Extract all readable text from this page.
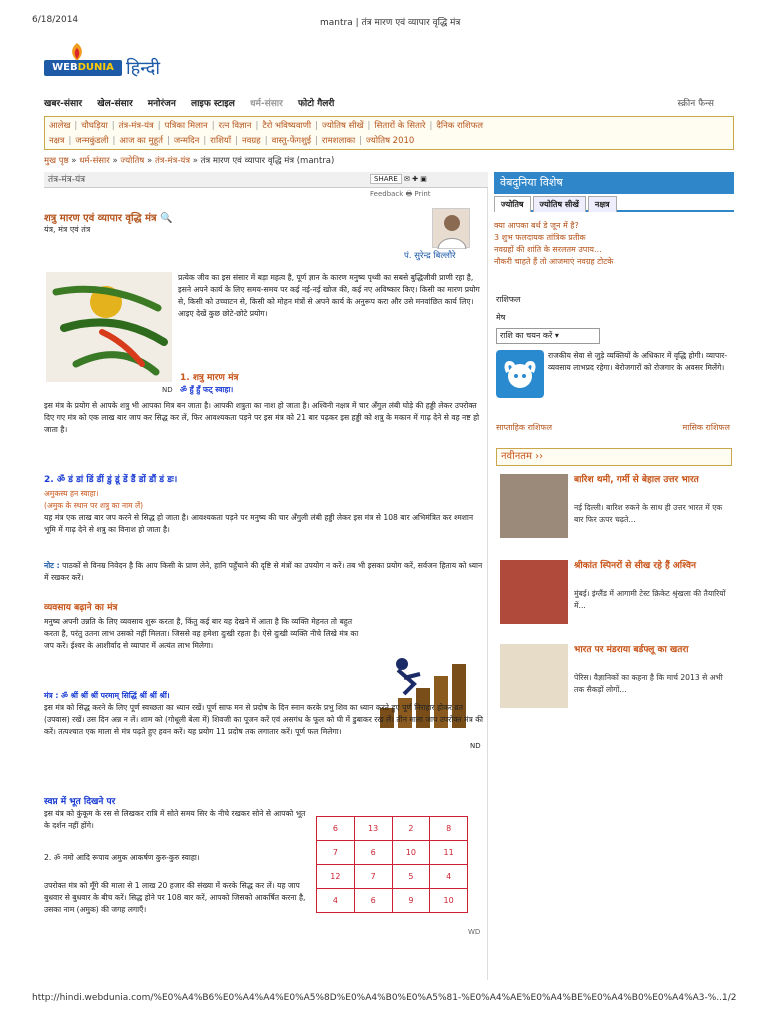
6/18/2014	mantra | तंत्र मारण एवं व्यापार वृद्धि मंत्र
WEBDUNIA हिन्दी
खबर-संसार खेल-संसार मनोरंजन लाइफ स्‍टाइल धर्म-संसार फोटो गैलरी	स्‍क्रीन फैन्‍स
आलेख | चौघड़िया | तंत्र-मंत्र-यंत्र | पत्रिका मिलान | रत्न विज्ञान | टैरो भविष्यवाणी | ज्योतिष सीखें | सितारों के सितारे | दैनिक राशिफल
नक्षत्र | जन्मकुंडली | आज का मुहूर्त | जन्मदिन | राशियाँ | नवग्रह | वास्तु-फेंगशुई | रामशलाका | ज्योतिष 2010
मुख पृष्ठ » धर्म-संसार » ज्योतिष » तंत्र-मंत्र-यंत्र » तंत्र मारण एवं व्यापार वृद्धि मंत्र (mantra)
तंत्र-मंत्र-यंत्र	SHARE ✉ ✚ ▣
Feedback 🖶 Print
शत्रु मारण एवं व्यापार वृद्धि मंत्र 🔍
यंत्र, मंत्र एवं तंत्र
पं. सुरेन्द्र बिल्लौरे
प्रत्येक जीव का इस संसार में बड़ा महत्व है, पूर्ण ज्ञान के कारण मनुष्य पृथ्वी का सबसे बुद्धिजीवी प्राणी रहा है, इसने अपने कार्य के लिए समय-समय पर कई नई-नई खोज की, कई नए अविष्कार किए। किसी का मारण प्रयोग से, किसी को उच्चाटन से, किसी को मोहन मंत्रों से अपने कार्य के अनुरूप करा और उसे मनवांछित कार्य लिए। आइए देखें कुछ छोटे-छोटे प्रयोग।
1. शत्रु मारण मंत्र
ND ॐ हुँ हुँ फट् स्वाहा।
इस मंत्र के प्रयोग से आपके शत्रु भी आपका मित्र बन जाता है। आपकी शत्रुता का नाश हो जाता है। अश्विनी नक्षत्र में चार अँगुल लंबी घोड़े की हड्डी लेकर उपरोक्त दिए गए मंत्र को एक लाख बार जाप कर सिद्ध कर लें, फिर आवश्यकता पड़ने पर इस मंत्र को 21 बार पढ़कर इस हड्डी को शत्रु के मकान में गाढ़ देने से वह नष्ट हो जाता है।
2. ॐ डं डां डिं डीं डुं डूं डें डैं डों डौं डं डः।
अमुकस्य हन स्वाहा।
(अमुक के स्थान पर शत्रु का नाम लें)
यह मंत्र एक लाख बार जप करने से सिद्ध हो जाता है। आवश्यकता पड़ने पर मनुष्य की चार अँगुली लंबी हड्डी लेकर इस मंत्र से 108 बार अभिमंत्रित कर श्मशान भूमि में गाढ़ देने से शत्रु का विनाश हो जाता है।
नोट : पाठकों से विनम्र निवेदन है कि आप किसी के प्राण लेने, हानि पहुँचाने की दृष्टि से मंत्रों का उपयोग न करें। तब भी इसका प्रयोग करें, सर्वजन हिताय को ध्यान में रखकर करें।
व्यवसाय बढ़ाने का मंत्र
मनुष्य अपनी उन्नति के लिए व्यवसाय शुरू करता है, किंतु कई बार यह देखने में आता है कि व्यक्ति मेहनत तो बहुत करता है, परंतु उतना लाभ उसको नहीं मिलता। जिससे वह हमेशा दुःखी रहता है। ऐसे दुःखी व्यक्ति नीचे लिखे मंत्र का जप करें। ईश्वर के आशीर्वाद से व्यापार में अत्यंत लाभ मिलेगा।
ND
मंत्र : ॐ श्रीं श्रीं श्रीं परमाम् सिद्धिं श्रीं श्रीं श्रीं।
इस मंत्र को सिद्ध करने के लिए पूर्ण स्वच्छता का ध्यान रखें। पूर्ण साफ मन से प्रदोष के दिन स्नान करके प्रभु शिव का ध्यान करते हुए पूर्ण निराहार होकर व्रत (उपवास) रखें। उस दिन अन्न न लें। शाम को (गोधूली बेला में) शिवजी का पूजन करें एवं असगंध के फूल को घी में डुबाकर रख लें। तीन माला जाप उपरोक्त मंत्र की करें। तत्पश्चात एक माला से मंत्र पढ़ते हुए हवन करें। यह प्रयोग 11 प्रदोष तक लगातार करें। पूर्ण फल मिलेगा।
स्वप्न में भूत दिखने पर
इस यंत्र को कुंकूम के रस से लिखकर रात्रि में सोते समय सिर के नीचे रखकर सोने से आपको भूत के दर्शन नहीं होंगे।
2. ॐ नमो आदि रूपाय अमुक आकर्षण कुरु-कुरु स्वाहा।
उपरोक्त मंत्र को मूँगे की माला से 1 लाख 20 हजार की संख्या में करके सिद्ध कर लें। यह जाप बुधवार से बुधवार के बीच करें। सिद्ध होने पर 108 बार करें, आपको जिसको आकर्षित करना है, उसका नाम (अमुक) की जगह लगाएँ।
6	13	2	8
7	6	10	11
12	7	5	4
4	6	9	10
WD
वेबदुनिया विशेष
ज्योतिष ज्योतिष सीखें नक्षत्र
क्या आपका बर्थ डे जून में है?
3 शुभ फलदायक तांत्रिक प्रतीक
नवग्रहों की शांति के सरलतम उपाय...
नौकरी चाहते हैं तो आजमाएं नवग्रह टोटके
राशिफल
मेष
राशि का चयन करें ▾
राजकीय सेवा से जुड़े व्यक्तियों के अधिकार में वृद्धि होगी। व्यापार-व्यवसाय लाभप्रद रहेगा। बेरोजगारों को रोजगार के अवसर मिलेंगे।
साप्ताहिक राशिफल	मासिक राशिफल
नवीनतम ››
बारिश थमी, गर्मी से बेहाल उत्तर भारत
नई दिल्ली। बारिश रुकने के साथ ही उत्तर भारत में एक बार फिर ऊपर चढ़ते...
श्रीकांत स्पिनरों से सीख रहे हैं अश्विन
मुंबई। इंग्लैंड में आगामी टेस्ट क्रिकेट श्रृंखला की तैयारियों में...
भारत पर मंडराया बर्डफ्लू का खतरा
पेरिस। वैज्ञानिकों का कहना है कि मार्च 2013 से अभी तक सैकड़ों लोगों...
http://hindi.webdunia.com/%E0%A4%B6%E0%A4%A4%E0%A5%8D%E0%A4%B0%E0%A5%81-%E0%A4%AE%E0%A4%BE%E0%A4%B0%E0%A4%A3-%...
1/2
